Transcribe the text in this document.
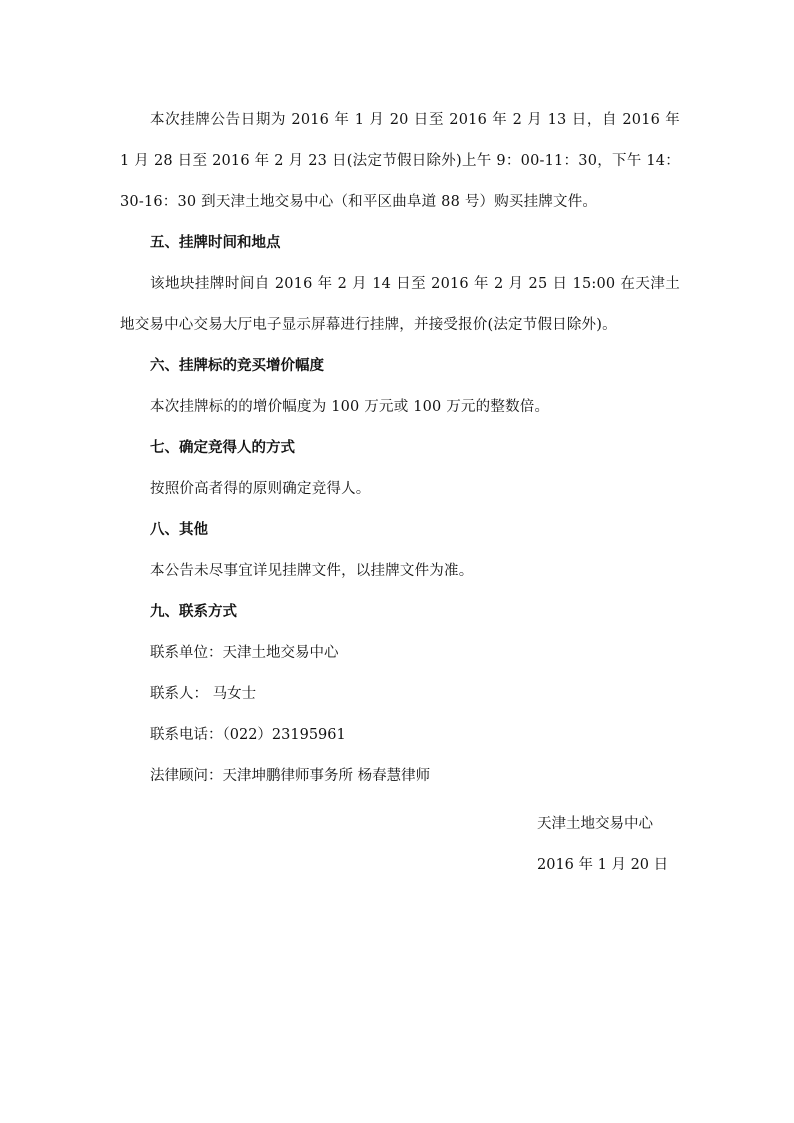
本次挂牌公告日期为 2016 年 1 月 20 日至 2016 年 2 月 13 日，自 2016 年 1 月 28 日至 2016 年 2 月 23 日(法定节假日除外)上午 9：00-11：30，下午 14：30-16：30 到天津土地交易中心（和平区曲阜道 88 号）购买挂牌文件。

五、挂牌时间和地点

该地块挂牌时间自 2016 年 2 月 14 日至 2016 年 2 月 25 日 15:00 在天津土地交易中心交易大厅电子显示屏幕进行挂牌，并接受报价(法定节假日除外)。

六、挂牌标的竞买增价幅度

本次挂牌标的的增价幅度为 100 万元或 100 万元的整数倍。

七、确定竞得人的方式

按照价高者得的原则确定竞得人。

八、其他

本公告未尽事宜详见挂牌文件，以挂牌文件为准。

九、联系方式

联系单位：天津土地交易中心

联系人： 马女士

联系电话：（022）23195961

法律顾问：天津坤鹏律师事务所 杨春慧律师

天津土地交易中心

2016 年 1 月 20 日
